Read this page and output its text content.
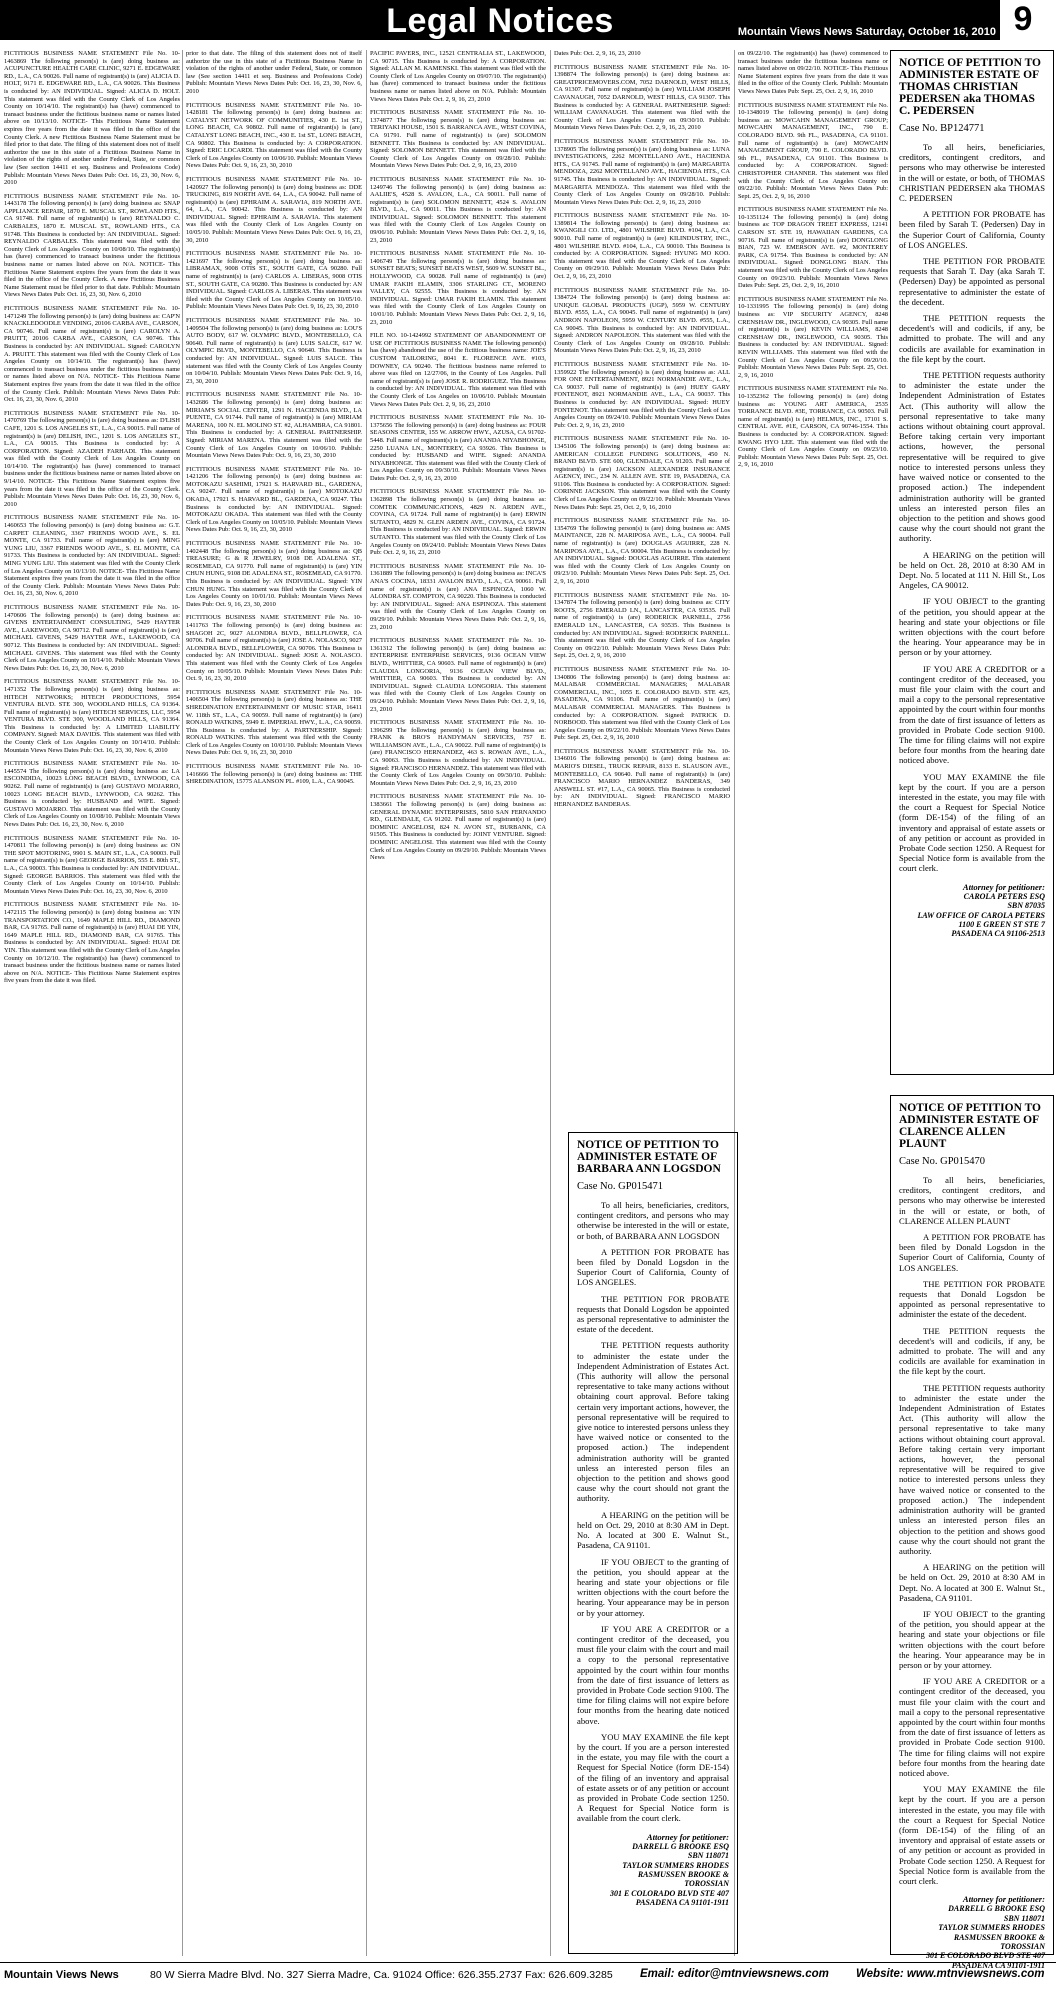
Legal Notices	Mountain Views News Saturday, October 16, 2010 9

FICTITIOUS BUSINESS NAME STATEMENT File No. 10-1463869 The following person(s) is (are) doing business as: ACUPUNCTURE HEALTH CARE CLINIC, 9271 E. EDGEWARE RD., L.A., CA 90026. Full name of registrant(s) is (are) ALICIA D. HOLT, 9171 E. EDGEWARE RD., L.A., CA 90026. This Business is conducted by: AN INDIVIDUAL. Signed: ALICIA D. HOLT. This statement was filed with the County Clerk of Los Angeles County on 10/14/10. The registrant(s) has (have) commenced to transact business under the fictitious business name or names listed above on 10/13/10. NOTICE- This Fictitious Name Statement expires five years from the date it was filed in the office of the County Clerk. A new Fictitious Business Name Statement must be filed prior to that date. The filing of this statement does not of itself authorize the use in this state of a Fictitious Business Name in violation of the rights of another under Federal, State, or common law (See section 14411 et seq. Business and Professions Code) Publish: Mountain Views News Dates Pub: Oct. 16, 23, 30, Nov. 6, 2010

FICTITIOUS BUSINESS NAME STATEMENT File No. 10-1443178 The following person(s) is (are) doing business as: SNAP APPLIANCE REPAIR, 1870 E. MUSCAL ST., ROWLAND HTS., CA 91748. Full name of registrant(s) is (are) REYNALDO C. CARBALES, 1870 E. MUSCAL ST., ROWLAND HTS., CA 91748. This Business is conducted by: AN INDIVIDUAL. Signed: REYNALDO CARBALES. This statement was filed with the County Clerk of Los Angeles County on 10/08/10. The registrant(s) has (have) commenced to transact business under the fictitious business name or names listed above on N/A. NOTICE- This Fictitious Name Statement expires five years from the date it was filed in the office of the County Clerk. A new Fictitious Business Name Statement must be filed prior to that date. Publish: Mountain Views News Dates Pub: Oct. 16, 23, 30, Nov. 6, 2010

FICTITIOUS BUSINESS NAME STATEMENT File No. 10-1471249 The following person(s) is (are) doing business as: CAP'N KNACKLEDOODLE VENDING, 20106 CARBA AVE., CARSON, CA 90746. Full name of registrant(s) is (are) CAROLYN A. PRUITT, 20106 CARBA AVE., CARSON, CA 90746. This Business is conducted by: AN INDIVIDUAL. Signed: CAROLYN A. PRUITT. This statement was filed with the County Clerk of Los Angeles County on 10/14/10. The registrant(s) has (have) commenced to transact business under the fictitious business name or names listed above on N/A. NOTICE- This Fictitious Name Statement expires five years from the date it was filed in the office of the County Clerk. Publish: Mountain Views News Dates Pub: Oct. 16, 23, 30, Nov. 6, 2010

FICTITIOUS BUSINESS NAME STATEMENT File No. 10-1470769 The following person(s) is (are) doing business as: D'LISH CAFE, 1201 S. LOS ANGELES ST., L.A., CA 90015. Full name of registrant(s) is (are) DELISH, INC., 1201 S. LOS ANGELES ST., L.A., CA 90015. This Business is conducted by: A CORPORATION. Signed: AZADEH FARHADI. This statement was filed with the County Clerk of Los Angeles County on 10/14/10. The registrant(s) has (have) commenced to transact business under the fictitious business name or names listed above on 9/14/10. NOTICE- This Fictitious Name Statement expires five years from the date it was filed in the office of the County Clerk. Publish: Mountain Views News Dates Pub: Oct. 16, 23, 30, Nov. 6, 2010

FICTITIOUS BUSINESS NAME STATEMENT File No. 10-1460653 The following person(s) is (are) doing business as: G.T. CARPET CLEANING, 3367 FRIENDS WOOD AVE., S. EL MONTE, CA 91733. Full name of registrant(s) is (are) MING YUNG LIU, 3367 FRIENDS WOOD AVE., S. EL MONTE, CA 91733. This Business is conducted by: AN INDIVIDUAL. Signed: MING YUNG LIU. This statement was filed with the County Clerk of Los Angeles County on 10/13/10. NOTICE- This Fictitious Name Statement expires five years from the date it was filed in the office of the County Clerk. Publish: Mountain Views News Dates Pub: Oct. 16, 23, 30, Nov. 6, 2010

FICTITIOUS BUSINESS NAME STATEMENT File No. 10-1470606 The following person(s) is (are) doing business as: GIVENS ENTERTAINMENT CONSULTING, 5429 HAYTER AVE., LAKEWOOD, CA 90712. Full name of registrant(s) is (are) MICHAEL GIVENS, 5429 HAYTER AVE., LAKEWOOD, CA 90712. This Business is conducted by: AN INDIVIDUAL. Signed: MICHAEL GIVENS. This statement was filed with the County Clerk of Los Angeles County on 10/14/10. Publish: Mountain Views News Dates Pub: Oct. 16, 23, 30, Nov. 6, 2010

FICTITIOUS BUSINESS NAME STATEMENT File No. 10-1471352 The following person(s) is (are) doing business as: HITECH NETWORKS; HITECH PRODUCTIONS, 5954 VENTURA BLVD. STE 300, WOODLAND HILLS, CA 91364. Full name of registrant(s) is (are) HITECH SERVICES, LLC, 5954 VENTURA BLVD. STE 300, WOODLAND HILLS, CA 91364. This Business is conducted by: A LIMITED LIABILITY COMPANY. Signed: MAX DAVIDS. This statement was filed with the County Clerk of Los Angeles County on 10/14/10. Publish: Mountain Views News Dates Pub: Oct. 16, 23, 30, Nov. 6, 2010

FICTITIOUS BUSINESS NAME STATEMENT File No. 10-1445574 The following person(s) is (are) doing business as: LA ESCONDIDA, 10023 LONG BEACH BLVD., LYNWOOD, CA 90262. Full name of registrant(s) is (are) GUSTAVO MOJARRO, 10023 LONG BEACH BLVD., LYNWOOD, CA 90262. This Business is conducted by: HUSBAND and WIFE. Signed: GUSTAVO MOJARRO. This statement was filed with the County Clerk of Los Angeles County on 10/08/10. Publish: Mountain Views News Dates Pub: Oct. 16, 23, 30, Nov. 6, 2010

FICTITIOUS BUSINESS NAME STATEMENT File No. 10-1470811 The following person(s) is (are) doing business as: ON THE SPOT MOTORING, 9901 S. MAIN ST., L.A., CA 90003. Full name of registrant(s) is (are) GEORGE BARRIOS, 555 E. 80th ST., L.A., CA 90003. This Business is conducted by: AN INDIVIDUAL. Signed: GEORGE BARRIOS. This statement was filed with the County Clerk of Los Angeles County on 10/14/10. Publish: Mountain Views News Dates Pub: Oct. 16, 23, 30, Nov. 6, 2010

FICTITIOUS BUSINESS NAME STATEMENT File No. 10-1472115 The following person(s) is (are) doing business as: YIN TRANSPORTATION CO., 1649 MAPLE HILL RD., DIAMOND BAR, CA 91765. Full name of registrant(s) is (are) HUAI DE YIN, 1649 MAPLE HILL RD., DIAMOND BAR, CA 91765. This Business is conducted by: AN INDIVIDUAL. Signed: HUAI DE YIN. This statement was filed with the County Clerk of Los Angeles County on 10/12/10. The registrant(s) has (have) commenced to transact business under the fictitious business name or names listed above on N/A. NOTICE- This Fictitious Name Statement expires five years from the date it was filed.

prior to that date. The filing of this statement does not of itself authorize the use in this state of a Fictitious Business Name in violation of the rights of another under Federal, State, or common law (See section 14411 et seq. Business and Professions Code) Publish: Mountain Views News Dates Pub: Oct. 16, 23, 30, Nov. 6, 2010

FICTITIOUS BUSINESS NAME STATEMENT File No. 10-1428181 The following person(s) is (are) doing business as: CATALYST NETWORK OF COMMUNITIES, 430 E. 1st ST., LONG BEACH, CA 90802. Full name of registrant(s) is (are) CATALYST LONG BEACH, INC., 430 E. 1st ST., LONG BEACH, CA 90802. This Business is conducted by: A CORPORATION. Signed: ERIC LOCARDI. This statement was filed with the County Clerk of Los Angeles County on 10/06/10. Publish: Mountain Views News Dates Pub: Oct. 9, 16, 23, 30, 2010

FICTITIOUS BUSINESS NAME STATEMENT File No. 10-1420927 The following person(s) is (are) doing business as: DDE TRUCKING, 819 NORTH AVE. 64, L.A., CA 90042. Full name of registrant(s) is (are) EPHRAIM A. SARAVIA, 819 NORTH AVE. 64, L.A., CA 90042. This Business is conducted by: AN INDIVIDUAL. Signed: EPHRAIM A. SARAVIA. This statement was filed with the County Clerk of Los Angeles County on 10/05/10. Publish: Mountain Views News Dates Pub: Oct. 9, 16, 23, 30, 2010

FICTITIOUS BUSINESS NAME STATEMENT File No. 10-1421697 The following person(s) is (are) doing business as: LIBRAMAX, 9008 OTIS ST., SOUTH GATE, CA 90280. Full name of registrant(s) is (are) CARLOS A. LIBERAS, 9008 OTIS ST., SOUTH GATE, CA 90280. This Business is conducted by: AN INDIVIDUAL. Signed: CARLOS A. LIBERAS. This statement was filed with the County Clerk of Los Angeles County on 10/05/10. Publish: Mountain Views News Dates Pub: Oct. 9, 16, 23, 30, 2010

FICTITIOUS BUSINESS NAME STATEMENT File No. 10-1409504 The following person(s) is (are) doing business as: LOU'S AUTO BODY, 617 W. OLYMPIC BLVD., MONTEBELLO, CA 90640. Full name of registrant(s) is (are) LUIS SALCE, 617 W. OLYMPIC BLVD., MONTEBELLO, CA 90640. This Business is conducted by: AN INDIVIDUAL. Signed: LUIS SALCE. This statement was filed with the County Clerk of Los Angeles County on 10/04/10. Publish: Mountain Views News Dates Pub: Oct. 9, 16, 23, 30, 2010

FICTITIOUS BUSINESS NAME STATEMENT File No. 10-1432686 The following person(s) is (are) doing business as: MIRIAM'S SOCIAL CENTER, 1291 N. HACIENDA BLVD., LA PUENTE, CA 91744. Full name of registrant(s) is (are) MIRIAM MARENA, 100 N. EL MOLINO ST. #2, ALHAMBRA, CA 91801. This Business is conducted by: A GENERAL PARTNERSHIP. Signed: MIRIAM MARENA. This statement was filed with the County Clerk of Los Angeles County on 10/06/10. Publish: Mountain Views News Dates Pub: Oct. 9, 16, 23, 30, 2010

FICTITIOUS BUSINESS NAME STATEMENT File No. 10-1421206 The following person(s) is (are) doing business as: MOTOKAZU SASHIMI, 17921 S. HARVARD BL., GARDENA, CA 90247. Full name of registrant(s) is (are) MOTOKAZU OKADA, 17921 S. HARVARD BL., GARDENA, CA 90247. This Business is conducted by: AN INDIVIDUAL. Signed: MOTOKAZU OKADA. This statement was filed with the County Clerk of Los Angeles County on 10/05/10. Publish: Mountain Views News Dates Pub: Oct. 9, 16, 23, 30, 2010

FICTITIOUS BUSINESS NAME STATEMENT File No. 10-1402448 The following person(s) is (are) doing business as: QB TREASURE; G & R JEWELRY, 9108 DE ADALENA ST., ROSEMEAD, CA 91770. Full name of registrant(s) is (are) YIN CHUN HUNG, 9108 DE ADALENA ST., ROSEMEAD, CA 91770. This Business is conducted by: AN INDIVIDUAL. Signed: YIN CHUN HUNG. This statement was filed with the County Clerk of Los Angeles County on 10/01/10. Publish: Mountain Views News Dates Pub: Oct. 9, 16, 23, 30, 2010

FICTITIOUS BUSINESS NAME STATEMENT File No. 10-1411763 The following person(s) is (are) doing business as: SHAGOH 2C, 9027 ALONDRA BLVD., BELLFLOWER, CA 90706. Full name of registrant(s) is (are) JOSE A. NOLASCO, 9027 ALONDRA BLVD., BELLFLOWER, CA 90706. This Business is conducted by: AN INDIVIDUAL. Signed: JOSE A. NOLASCO. This statement was filed with the County Clerk of Los Angeles County on 10/05/10. Publish: Mountain Views News Dates Pub: Oct. 9, 16, 23, 30, 2010

FICTITIOUS BUSINESS NAME STATEMENT File No. 10-1406504 The following person(s) is (are) doing business as: THE SHREDINATION ENTERTAINMENT OF MUSIC STAR, 16411 W. 118th ST., L.A., CA 90059. Full name of registrant(s) is (are) RONALD WATKINS, 5949 E. IMPERIAL HWY., L.A., CA 90059. This Business is conducted by: A PARTNERSHIP. Signed: RONALD WATKINS. This statement was filed with the County Clerk of Los Angeles County on 10/01/10. Publish: Mountain Views News Dates Pub: Oct. 9, 16, 23, 30, 2010

FICTITIOUS BUSINESS NAME STATEMENT File No. 10-1416666 The following person(s) is (are) doing business as: THE SHREDINATION, 15775 ALANSON PL. #109, L.A., CA 90045.

PACIFIC PAVERS, INC., 12521 CENTRALIA ST., LAKEWOOD, CA 90715. This Business is conducted by: A CORPORATION. Signed: ALLAN M. KAMENSKI. This statement was filed with the County Clerk of Los Angeles County on 09/07/10. The registrant(s) has (have) commenced to transact business under the fictitious business name or names listed above on N/A. Publish: Mountain Views News Dates Pub: Oct. 2, 9, 16, 23, 2010

FICTITIOUS BUSINESS NAME STATEMENT File No. 10-1374877 The following person(s) is (are) doing business as: TERIYAKI HOUSE, 1501 S. BARRANCA AVE., WEST COVINA, CA 91791. Full name of registrant(s) is (are) SOLOMON BENNETT. This Business is conducted by: AN INDIVIDUAL. Signed: SOLOMON BENNETT. This statement was filed with the County Clerk of Los Angeles County on 09/28/10. Publish: Mountain Views News Dates Pub: Oct. 2, 9, 16, 23, 2010

FICTITIOUS BUSINESS NAME STATEMENT File No. 10-1249746 The following person(s) is (are) doing business as: AALIIE'S, 4528 S. AVALON, L.A., CA 90011. Full name of registrant(s) is (are) SOLOMON BENNETT, 4524 S. AVALON BLVD., L.A., CA 90011. This Business is conducted by: AN INDIVIDUAL. Signed: SOLOMON BENNETT. This statement was filed with the County Clerk of Los Angeles County on 09/06/10. Publish: Mountain Views News Dates Pub: Oct. 2, 9, 16, 23, 2010

FICTITIOUS BUSINESS NAME STATEMENT File No. 10-1406749 The following person(s) is (are) doing business as: SUNSET BEATS; SUNSET BEATS WEST, 5609 W. SUNSET BL., HOLLYWOOD, CA 90028. Full name of registrant(s) is (are) UMAR FAKIH ELAMIN, 3306 STARLING CT., MORENO VALLEY, CA 92555. This Business is conducted by: AN INDIVIDUAL. Signed: UMAR FAKIH ELAMIN. This statement was filed with the County Clerk of Los Angeles County on 10/01/10. Publish: Mountain Views News Dates Pub: Oct. 2, 9, 16, 23, 2010

FILE NO. 10-1424992 STATEMENT OF ABANDONMENT OF USE OF FICTITIOUS BUSINESS NAME The following person(s) has (have) abandoned the use of the fictitious business name: JOE'S CUSTOM TAILORING, 8041 E. FLORENCE AVE. #103, DOWNEY, CA 90240. The fictitious business name referred to above was filed on 12/27/06, in the County of Los Angeles. Full name of registrant(s) is (are) JOSE R. RODRIGUEZ. This Business is conducted by: AN INDIVIDUAL. This statement was filed with the County Clerk of Los Angeles on 10/06/10. Publish: Mountain Views News Dates Pub: Oct. 2, 9, 16, 23, 2010

FICTITIOUS BUSINESS NAME STATEMENT File No. 10-1375656 The following person(s) is (are) doing business as: FOUR SEASONS CENTER, 155 W. ARROW HWY., AZUSA, CA 91702-5448. Full name of registrant(s) is (are) ANANDA NIYABHONGE, 2250 LUANA LN., MONTEREY, CA 93926. This Business is conducted by: HUSBAND and WIFE. Signed: ANANDA NIYABHONGE. This statement was filed with the County Clerk of Los Angeles County on 09/30/10. Publish: Mountain Views News Dates Pub: Oct. 2, 9, 16, 23, 2010

FICTITIOUS BUSINESS NAME STATEMENT File No. 10-1362898 The following person(s) is (are) doing business as: COMTEK COMMUNICATIONS, 4829 N. ARDEN AVE., COVINA, CA 91724. Full name of registrant(s) is (are) ERWIN SUTANTO, 4829 N. GLEN ARDEN AVE., COVINA, CA 91724. This Business is conducted by: AN INDIVIDUAL. Signed: ERWIN SUTANTO. This statement was filed with the County Clerk of Los Angeles County on 09/24/10. Publish: Mountain Views News Dates Pub: Oct. 2, 9, 16, 23, 2010

FICTITIOUS BUSINESS NAME STATEMENT File No. 10-1361889 The following person(s) is (are) doing business as: INCA'S ANA'S COCINA, 18331 AVALON BLVD., L.A., CA 90061. Full name of registrant(s) is (are) ANA ESPINOZA, 1060 W. ALONDRA ST. COMPTON, CA 90220. This Business is conducted by: AN INDIVIDUAL. Signed: ANA ESPINOZA. This statement was filed with the County Clerk of Los Angeles County on 09/29/10. Publish: Mountain Views News Dates Pub: Oct. 2, 9, 16, 23, 2010

FICTITIOUS BUSINESS NAME STATEMENT File No. 10-1361312 The following person(s) is (are) doing business as: ENTERPRISE ENTERPRISE SERVICES, 9136 OCEAN VIEW BLVD., WHITTIER, CA 90603. Full name of registrant(s) is (are) CLAUDIA LONGORIA, 9136 OCEAN VIEW BLVD., WHITTIER, CA 90603. This Business is conducted by: AN INDIVIDUAL. Signed: CLAUDIA LONGORIA. This statement was filed with the County Clerk of Los Angeles County on 09/24/10. Publish: Mountain Views News Dates Pub: Oct. 2, 9, 16, 23, 2010

FICTITIOUS BUSINESS NAME STATEMENT File No. 10-1396299 The following person(s) is (are) doing business as: FRANK & BRO'S HANDYMAN SERVICES, 757 E. WILLIAMSON AVE., L.A., CA 90022. Full name of registrant(s) is (are) FRANCISCO HERNANDEZ, 463 S. ROWAN AVE., L.A., CA 90063. This Business is conducted by: AN INDIVIDUAL. Signed: FRANCISCO HERNANDEZ. This statement was filed with the County Clerk of Los Angeles County on 09/30/10. Publish: Mountain Views News Dates Pub: Oct. 2, 9, 16, 23, 2010

FICTITIOUS BUSINESS NAME STATEMENT File No. 10-1383661 The following person(s) is (are) doing business as: GENERAL DYNAMIC ENTERPRISES, 5810 SAN FERNANDO RD., GLENDALE, CA 91202. Full name of registrant(s) is (are) DOMINIC ANGELOSI, 824 N. AVON ST., BURBANK, CA 91505. This Business is conducted by: JOINT VENTURE. Signed: DOMINIC ANGELOSI. This statement was filed with the County Clerk of Los Angeles County on 09/29/10. Publish: Mountain Views News

Dates Pub: Oct. 2, 9, 16, 23, 2010

FICTITIOUS BUSINESS NAME STATEMENT File No. 10-1398874 The following person(s) is (are) doing business as: GREATPRICEMOVERS.COM, 7052 DARNOLD, WEST HILLS, CA 91307. Full name of registrant(s) is (are) WILLIAM JOSEPH CAVANAUGH, 7052 DARNOLD, WEST HILLS, CA 91307. This Business is conducted by: A GENERAL PARTNERSHIP. Signed: WILLIAM CAVANAUGH. This statement was filed with the County Clerk of Los Angeles County on 09/30/10. Publish: Mountain Views News Dates Pub: Oct. 2, 9, 16, 23, 2010

FICTITIOUS BUSINESS NAME STATEMENT File No. 10-1378905 The following person(s) is (are) doing business as: LUNA INVESTIGATIONS, 2262 MONTELLANO AVE., HACIENDA HTS., CA 91745. Full name of registrant(s) is (are) MARGARITA MENDOZA, 2262 MONTELLANO AVE., HACIENDA HTS., CA 91745. This Business is conducted by: AN INDIVIDUAL. Signed: MARGARITA MENDOZA. This statement was filed with the County Clerk of Los Angeles County on 09/28/10. Publish: Mountain Views News Dates Pub: Oct. 2, 9, 16, 23, 2010

FICTITIOUS BUSINESS NAME STATEMENT File No. 10-1389814 The following person(s) is (are) doing business as: KWANGILI CO. LTD., 4801 WILSHIRE BLVD. #104, L.A., CA 90010. Full name of registrant(s) is (are) KILINDUSTRY, INC., 4801 WILSHIRE BLVD. #104, L.A., CA 90010. This Business is conducted by: A CORPORATION. Signed: HYUNG MO KOO. This statement was filed with the County Clerk of Los Angeles County on 09/29/10. Publish: Mountain Views News Dates Pub: Oct. 2, 9, 16, 23, 2010

FICTITIOUS BUSINESS NAME STATEMENT File No. 10-1384724 The following person(s) is (are) doing business as: UNIQUE GLOBAL PRODUCTS (UGP), 5959 W. CENTURY BLVD. #555, L.A., CA 90045. Full name of registrant(s) is (are) ANDRON NAPOLEON, 5959 W. CENTURY BLVD. #555, L.A., CA 90045. This Business is conducted by: AN INDIVIDUAL. Signed: ANDRON NAPOLEON. This statement was filed with the County Clerk of Los Angeles County on 09/28/10. Publish: Mountain Views News Dates Pub: Oct. 2, 9, 16, 23, 2010

FICTITIOUS BUSINESS NAME STATEMENT File No. 10-1359922 The following person(s) is (are) doing business as: ALL FOR ONE ENTERTAINMENT, 8921 NORMANDIE AVE., L.A., CA 90037. Full name of registrant(s) is (are) HUEY GARY FONTENOT, 8921 NORMANDIE AVE., L.A., CA 90037. This Business is conducted by: AN INDIVIDUAL. Signed: HUEY FONTENOT. This statement was filed with the County Clerk of Los Angeles County on 09/24/10. Publish: Mountain Views News Dates Pub: Oct. 2, 9, 16, 23, 2010

FICTITIOUS BUSINESS NAME STATEMENT File No. 10-1345106 The following person(s) is (are) doing business as: AMERICAN COLLEGE FUNDING SOLUTIONS, 450 N. BRAND BLVD. STE 600, GLENDALE, CA 91203. Full name of registrant(s) is (are) JACKSON ALEXANDER INSURANCE AGENCY, INC., 234 N. ALLEN AVE. STE 19, PASADENA, CA 91106. This Business is conducted by: A CORPORATION. Signed: CORINNE JACKSON. This statement was filed with the County Clerk of Los Angeles County on 09/22/10. Publish: Mountain Views News Dates Pub: Sept. 25, Oct. 2, 9, 16, 2010

FICTITIOUS BUSINESS NAME STATEMENT File No. 10-1354769 The following person(s) is (are) doing business as: AMS MAINTANCE, 228 N. MARIPOSA AVE., L.A., CA 90004. Full name of registrant(s) is (are) DOUGLAS AGUIRRE, 228 N. MARIPOSA AVE., L.A., CA 90004. This Business is conducted by: AN INDIVIDUAL. Signed: DOUGLAS AGUIRRE. This statement was filed with the County Clerk of Los Angeles County on 09/23/10. Publish: Mountain Views News Dates Pub: Sept. 25, Oct. 2, 9, 16, 2010

FICTITIOUS BUSINESS NAME STATEMENT File No. 10-1347874 The following person(s) is (are) doing business as: CITY ROOTS, 2756 EMERALD LN., LANCASTER, CA 93535. Full name of registrant(s) is (are) RODERICK PARNELL, 2756 EMERALD LN., LANCASTER, CA 93535. This Business is conducted by: AN INDIVIDUAL. Signed: RODERICK PARNELL. This statement was filed with the County Clerk of Los Angeles County on 09/22/10. Publish: Mountain Views News Dates Pub: Sept. 25, Oct. 2, 9, 16, 2010

FICTITIOUS BUSINESS NAME STATEMENT File No. 10-1340806 The following person(s) is (are) doing business as: MALABAR COMMERCIAL MANAGERS; MALABAR COMMERCIAL, INC., 1055 E. COLORADO BLVD. STE 425, PASADENA, CA 91106. Full name of registrant(s) is (are) MALABAR COMMERCIAL MANAGERS. This Business is conducted by: A CORPORATION. Signed: PATRICK D. NORBOOD. This statement was filed with the County Clerk of Los Angeles County on 09/22/10. Publish: Mountain Views News Dates Pub: Sept. 25, Oct. 2, 9, 16, 2010

FICTITIOUS BUSINESS NAME STATEMENT File No. 10-1346016 The following person(s) is (are) doing business as: MARIO'S DIESEL, TRUCK REPAIR, 8133 E. SLAUSON AVE., MONTEBELLO, CA 90640. Full name of registrant(s) is (are) FRANCISCO MARIO HERNANDEZ BANDERAS, 349 ANSWELL ST. #17, L.A., CA 90065. This Business is conducted by: AN INDIVIDUAL. Signed: FRANCISCO MARIO HERNANDEZ BANDERAS.

on 09/22/10. The registrant(s) has (have) commenced to transact business under the fictitious business name or names listed above on 09/22/10. NOTICE- This Fictitious Name Statement expires five years from the date it was filed in the office of the County Clerk. Publish: Mountain Views News Dates Pub: Sept. 25, Oct. 2, 9, 16, 2010

FICTITIOUS BUSINESS NAME STATEMENT File No. 10-1348019 The following person(s) is (are) doing business as: MOWCAHN MANAGEMENT GROUP; MOWCAHN MANAGEMENT, INC., 790 E. COLORADO BLVD. 9th FL., PASADENA, CA 91101. Full name of registrant(s) is (are) MOWCAHN MANAGEMENT GROUP, 790 E. COLORADO BLVD. 9th FL., PASADENA, CA 91101. This Business is conducted by: A CORPORATION. Signed: CHRISTOPHER CHANNER. This statement was filed with the County Clerk of Los Angeles County on 09/22/10. Publish: Mountain Views News Dates Pub: Sept. 25, Oct. 2, 9, 16, 2010

FICTITIOUS BUSINESS NAME STATEMENT File No. 10-1351124 The following person(s) is (are) doing business as: TOP DRAGON TREET EXPRESS, 12141 CARSON ST. STE 19, HAWAIIAN GARDENS, CA 90716. Full name of registrant(s) is (are) DONGLONG BIAN, 723 W. EMERSON AVE. #2, MONTEREY PARK, CA 91754. This Business is conducted by: AN INDIVIDUAL. Signed: DONGLONG BIAN. This statement was filed with the County Clerk of Los Angeles County on 09/23/10. Publish: Mountain Views News Dates Pub: Sept. 25, Oct. 2, 9, 16, 2010

FICTITIOUS BUSINESS NAME STATEMENT File No. 10-1331995 The following person(s) is (are) doing business as: VIP SECURITY AGENCY, 8248 CRENSHAW DR., INGLEWOOD, CA 90305. Full name of registrant(s) is (are) KEVIN WILLIAMS, 8248 CRENSHAW DR., INGLEWOOD, CA 90305. This Business is conducted by: AN INDIVIDUAL. Signed: KEVIN WILLIAMS. This statement was filed with the County Clerk of Los Angeles County on 09/20/10. Publish: Mountain Views News Dates Pub: Sept. 25, Oct. 2, 9, 16, 2010

FICTITIOUS BUSINESS NAME STATEMENT File No. 10-1352362 The following person(s) is (are) doing business as: YOUNG ART AMERICA, 2535 TORRANCE BLVD. #3E, TORRANCE, CA 90503. Full name of registrant(s) is (are) HELMUS, INC., 17101 S. CENTRAL AVE. #1E, CARSON, CA 90746-1554. This Business is conducted by: A CORPORATION. Signed: KWANG HYO LEE. This statement was filed with the County Clerk of Los Angeles County on 09/23/10. Publish: Mountain Views News Dates Pub: Sept. 25, Oct. 2, 9, 16, 2010

NOTICE OF PETITION TO ADMINISTER ESTATE OF THOMAS CHRISTIAN PEDERSEN aka THOMAS C. PEDERSEN
Case No. BP124771

To all heirs, beneficiaries, creditors, contingent creditors, and persons who may otherwise be interested in the will or estate, or both, of THOMAS CHRISTIAN PEDERSEN aka THOMAS C. PEDERSEN

A PETITION FOR PROBATE has been filed by Sarah T. (Pedersen) Day in the Superior Court of California, County of LOS ANGELES.

THE PETITION FOR PROBATE requests that Sarah T. Day (aka Sarah T. (Pedersen) Day) be appointed as personal representative to administer the estate of the decedent.

THE PETITION requests the decedent's will and codicils, if any, be admitted to probate. The will and any codicils are available for examination in the file kept by the court.

THE PETITION requests authority to administer the estate under the Independent Administration of Estates Act. (This authority will allow the personal representative to take many actions without obtaining court approval. Before taking certain very important actions, however, the personal representative will be required to give notice to interested persons unless they have waived notice or consented to the proposed action.) The independent administration authority will be granted unless an interested person files an objection to the petition and shows good cause why the court should not grant the authority.

A HEARING on the petition will be held on Oct. 28, 2010 at 8:30 AM in Dept. No. 5 located at 111 N. Hill St., Los Angeles, CA 90012.

IF YOU OBJECT to the granting of the petition, you should appear at the hearing and state your objections or file written objections with the court before the hearing. Your appearance may be in person or by your attorney.

IF YOU ARE A CREDITOR or a contingent creditor of the deceased, you must file your claim with the court and mail a copy to the personal representative appointed by the court within four months from the date of first issuance of letters as provided in Probate Code section 9100. The time for filing claims will not expire before four months from the hearing date noticed above.

YOU MAY EXAMINE the file kept by the court. If you are a person interested in the estate, you may file with the court a Request for Special Notice (form DE-154) of the filing of an inventory and appraisal of estate assets or of any petition or account as provided in Probate Code section 1250. A Request for Special Notice form is available from the court clerk.

Attorney for petitioner:
CAROLA PETERS ESQ
SBN 87035
LAW OFFICE OF CAROLA PETERS
1100 E GREEN ST STE 7
PASADENA CA 91106-2513
NOTICE OF PETITION TO ADMINISTER ESTATE OF BARBARA ANN LOGSDON
Case No. GP015471

To all heirs, beneficiaries, creditors, contingent creditors, and persons who may otherwise be interested in the will or estate, or both, of BARBARA ANN LOGSDON

A PETITION FOR PROBATE has been filed by Donald Logsdon in the Superior Court of California, County of LOS ANGELES.

THE PETITION FOR PROBATE requests that Donald Logsdon be appointed as personal representative to administer the estate of the decedent.

THE PETITION requests authority to administer the estate under the Independent Administration of Estates Act. (This authority will allow the personal representative to take many actions without obtaining court approval. Before taking certain very important actions, however, the personal representative will be required to give notice to interested persons unless they have waived notice or consented to the proposed action.) The independent administration authority will be granted unless an interested person files an objection to the petition and shows good cause why the court should not grant the authority.

A HEARING on the petition will be held on Oct. 29, 2010 at 8:30 AM in Dept. No. A located at 300 E. Walnut St., Pasadena, CA 91101.

IF YOU OBJECT to the granting of the petition, you should appear at the hearing and state your objections or file written objections with the court before the hearing. Your appearance may be in person or by your attorney.

IF YOU ARE A CREDITOR or a contingent creditor of the deceased, you must file your claim with the court and mail a copy to the personal representative appointed by the court within four months from the date of first issuance of letters as provided in Probate Code section 9100. The time for filing claims will not expire before four months from the hearing date noticed above.

YOU MAY EXAMINE the file kept by the court. If you are a person interested in the estate, you may file with the court a Request for Special Notice (form DE-154) of the filing of an inventory and appraisal of estate assets or of any petition or account as provided in Probate Code section 1250. A Request for Special Notice form is available from the court clerk.

Attorney for petitioner:
DARRELL G BROOKE ESQ
SBN 118071
TAYLOR SUMMERS RHODES
RASMUSSEN BROOKE &
TOROSSIAN
301 E COLORADO BLVD STE 407
PASADENA CA 91101-1911
NOTICE OF PETITION TO ADMINISTER ESTATE OF CLARENCE ALLEN PLAUNT
Case No. GP015470

To all heirs, beneficiaries, creditors, contingent creditors, and persons who may otherwise be interested in the will or estate, or both, of CLARENCE ALLEN PLAUNT

A PETITION FOR PROBATE has been filed by Donald Logsdon in the Superior Court of California, County of LOS ANGELES.

THE PETITION FOR PROBATE requests that Donald Logsdon be appointed as personal representative to administer the estate of the decedent.

THE PETITION requests the decedent's will and codicils, if any, be admitted to probate. The will and any codicils are available for examination in the file kept by the court.

THE PETITION requests authority to administer the estate under the Independent Administration of Estates Act. (This authority will allow the personal representative to take many actions without obtaining court approval. Before taking certain very important actions, however, the personal representative will be required to give notice to interested persons unless they have waived notice or consented to the proposed action.) The independent administration authority will be granted unless an interested person files an objection to the petition and shows good cause why the court should not grant the authority.

A HEARING on the petition will be held on Oct. 29, 2010 at 8:30 AM in Dept. No. A located at 300 E. Walnut St., Pasadena, CA 91101.

IF YOU OBJECT to the granting of the petition, you should appear at the hearing and state your objections or file written objections with the court before the hearing. Your appearance may be in person or by your attorney.

IF YOU ARE A CREDITOR or a contingent creditor of the deceased, you must file your claim with the court and mail a copy to the personal representative appointed by the court within four months from the date of first issuance of letters as provided in Probate Code section 9100. The time for filing claims will not expire before four months from the hearing date noticed above.

YOU MAY EXAMINE the file kept by the court. If you are a person interested in the estate, you may file with the court a Request for Special Notice (form DE-154) of the filing of an inventory and appraisal of estate assets or of any petition or account as provided in Probate Code section 1250. A Request for Special Notice form is available from the court clerk.

Attorney for petitioner:
DARRELL G BROOKE ESQ
SBN 118071
TAYLOR SUMMERS RHODES
RASMUSSEN BROOKE &
TOROSSIAN
301 E COLORADO BLVD STE 407
PASADENA CA 91101-1911
Mountain Views News	80 W Sierra Madre Blvd. No. 327 Sierra Madre, Ca. 91024 Office: 626.355.2737 Fax: 626.609.3285 Email: editor@mtnviewsnews.com Website: www.mtnviewsnews.com
